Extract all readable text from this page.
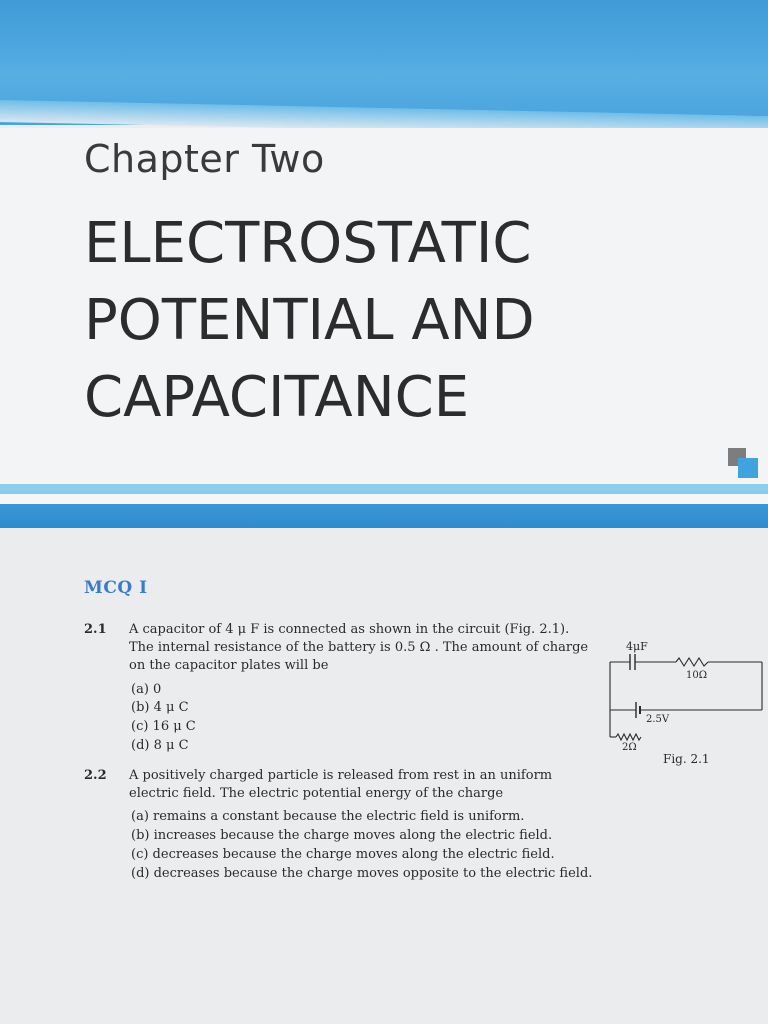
Chapter Two
ELECTROSTATIC
POTENTIAL AND
CAPACITANCE
MCQ I
2.1 A capacitor of 4 μ F is connected as shown in the circuit (Fig. 2.1).
The internal resistance of the battery is 0.5 Ω . The amount of charge
on the capacitor plates will be
(a) 0
(b) 4 μ C
(c) 16 μ C
(d) 8 μ C
4μF
10Ω
2.5V
2Ω
Fig. 2.1
2.2 A positively charged particle is released from rest in an uniform
electric field. The electric potential energy of the charge
(a) remains a constant because the electric field is uniform.
(b) increases because the charge moves along the electric field.
(c) decreases because the charge moves along the electric field.
(d) decreases because the charge moves opposite to the electric field.
